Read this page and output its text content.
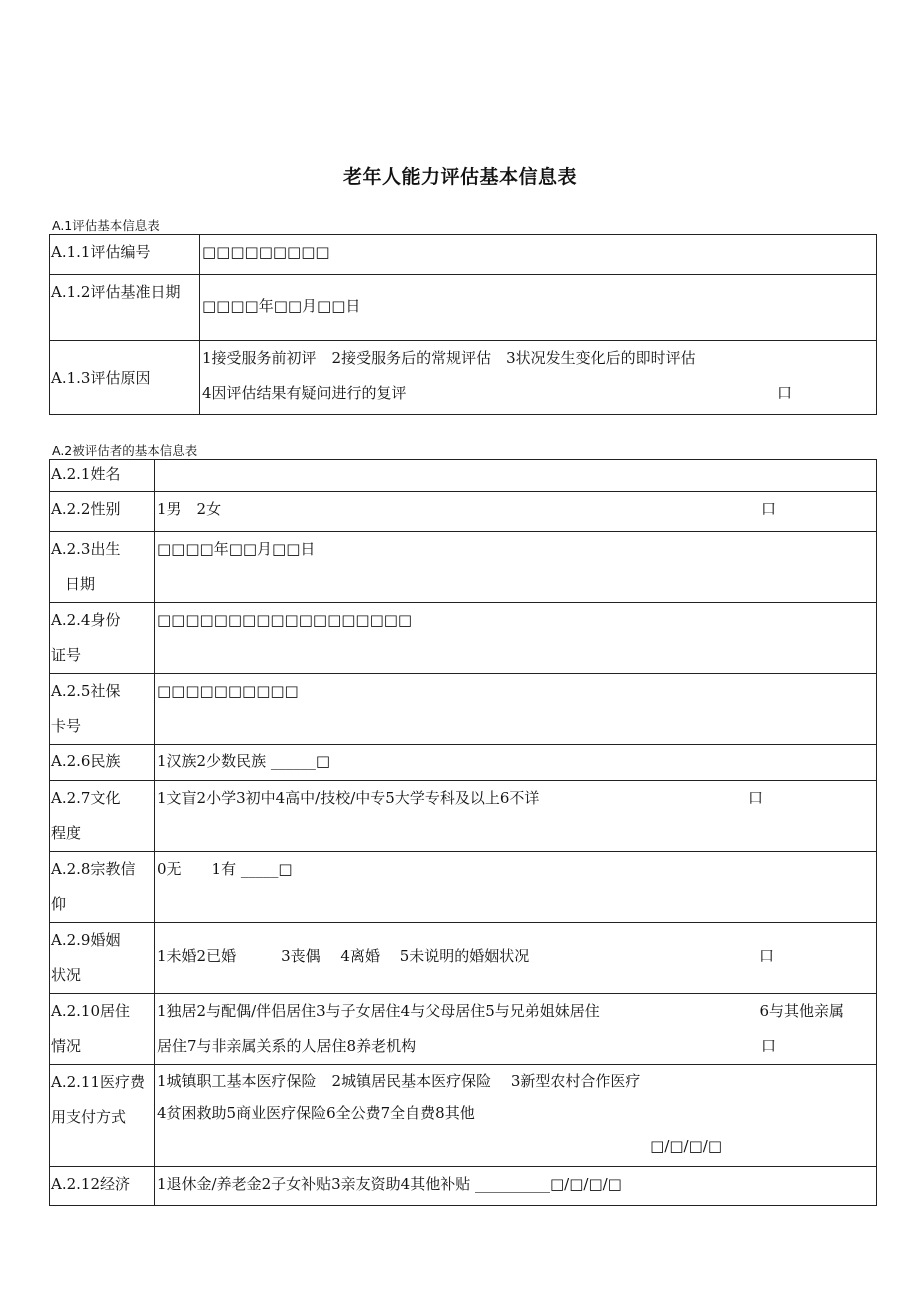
老年人能力评估基本信息表
A.1评估基本信息表
A.1.1评估编号	□□□□□□□□□
A.1.2评估基准日期	□□□□年□□月□□日
A.1.3评估原因	1接受服务前初评　2接受服务后的常规评估　3状况发生变化后的即时评估
4因评估结果有疑问进行的复评 口
A.2被评估者的基本信息表
A.2.1姓名	
A.2.2性别	1男　2女 口

A.2.3出生
日期	□□□□年□□月□□日

A.2.4身份
证号	□□□□□□□□□□□□□□□□□□

A.2.5社保
卡号	□□□□□□□□□□
A.2.6民族	1汉族2少数民族 ______□

A.2.7文化
程度	1文盲2小学3初中4高中/技校/中专5大学专科及以上6不详 口

A.2.8宗教信
仰	0无　　1有 _____□

A.2.9婚姻
状况	1未婚2已婚　　　3丧偶　 4离婚　 5未说明的婚姻状况 口

A.2.10居住
情况	1独居2与配偶/伴侣居住3与子女居住4与父母居住5与兄弟姐妹居住 6与其他亲属
居住7与非亲属关系的人居住8养老机构 口

A.2.11医疗费
用支付方式	1城镇职工基本医疗保险　2城镇居民基本医疗保险　 3新型农村合作医疗
4贫困救助5商业医疗保险6全公费7全自费8其他
□/□/□/□

A.2.12经济	1退休金/养老金2子女补贴3亲友资助4其他补贴 __________□/□/□/□
